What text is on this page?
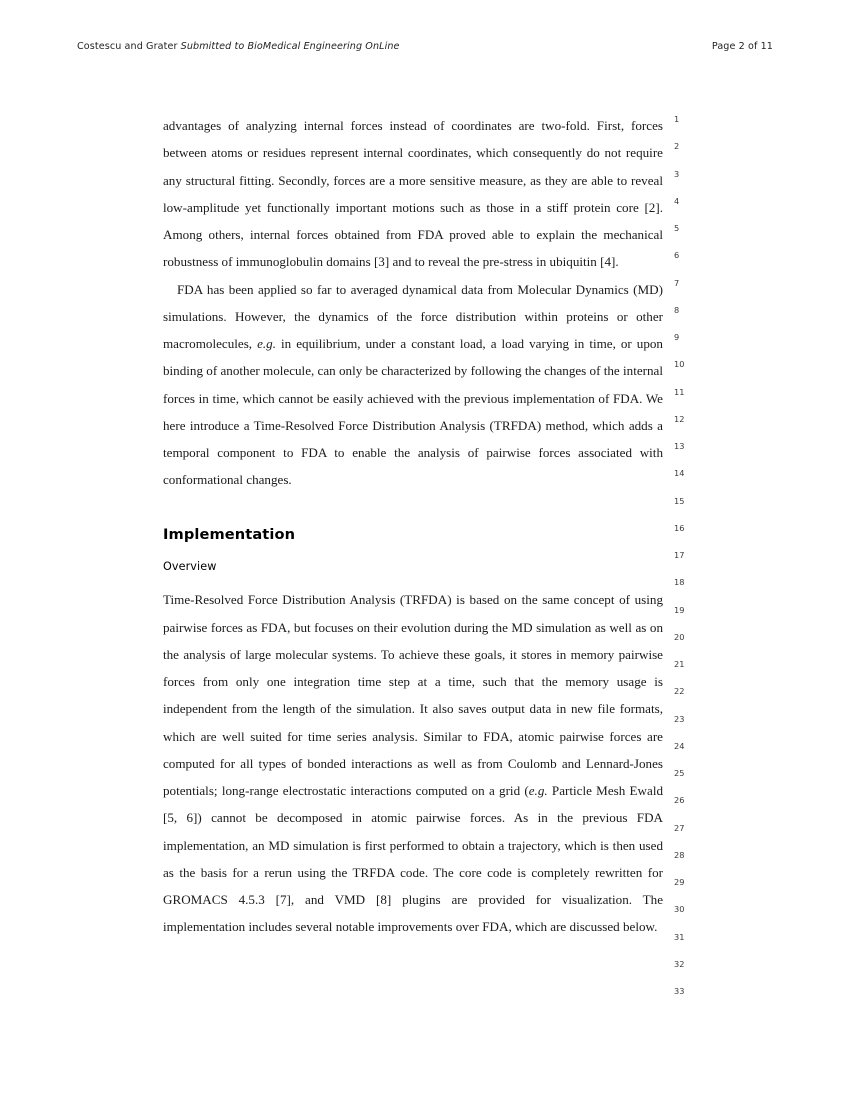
Costescu and Grater Submitted to BioMedical Engineering OnLine	Page 2 of 11

advantages of analyzing internal forces instead of coordinates are two-fold. First, forces between atoms or residues represent internal coordinates, which consequently do not require any structural fitting. Secondly, forces are a more sensitive measure, as they are able to reveal low-amplitude yet functionally important motions such as those in a stiff protein core [2]. Among others, internal forces obtained from FDA proved able to explain the mechanical robustness of immunoglobulin domains [3] and to reveal the pre-stress in ubiquitin [4].

FDA has been applied so far to averaged dynamical data from Molecular Dynamics (MD) simulations. However, the dynamics of the force distribution within proteins or other macromolecules, e.g. in equilibrium, under a constant load, a load varying in time, or upon binding of another molecule, can only be characterized by following the changes of the internal forces in time, which cannot be easily achieved with the previous implementation of FDA. We here introduce a Time-Resolved Force Distribution Analysis (TRFDA) method, which adds a temporal component to FDA to enable the analysis of pairwise forces associated with conformational changes.

Implementation
Overview

Time-Resolved Force Distribution Analysis (TRFDA) is based on the same concept of using pairwise forces as FDA, but focuses on their evolution during the MD simulation as well as on the analysis of large molecular systems. To achieve these goals, it stores in memory pairwise forces from only one integration time step at a time, such that the memory usage is independent from the length of the simulation. It also saves output data in new file formats, which are well suited for time series analysis. Similar to FDA, atomic pairwise forces are computed for all types of bonded interactions as well as from Coulomb and Lennard-Jones potentials; long-range electrostatic interactions computed on a grid (e.g. Particle Mesh Ewald [5, 6]) cannot be decomposed in atomic pairwise forces. As in the previous FDA implementation, an MD simulation is first performed to obtain a trajectory, which is then used as the basis for a rerun using the TRFDA code. The core code is completely rewritten for GROMACS 4.5.3 [7], and VMD [8] plugins are provided for visualization. The implementation includes several notable improvements over FDA, which are discussed below.

1
2
3
4
5
6
7
8
9
10
11
12
13
14
15
16
17
18
19
20
21
22
23
24
25
26
27
28
29
30
31
32
33
